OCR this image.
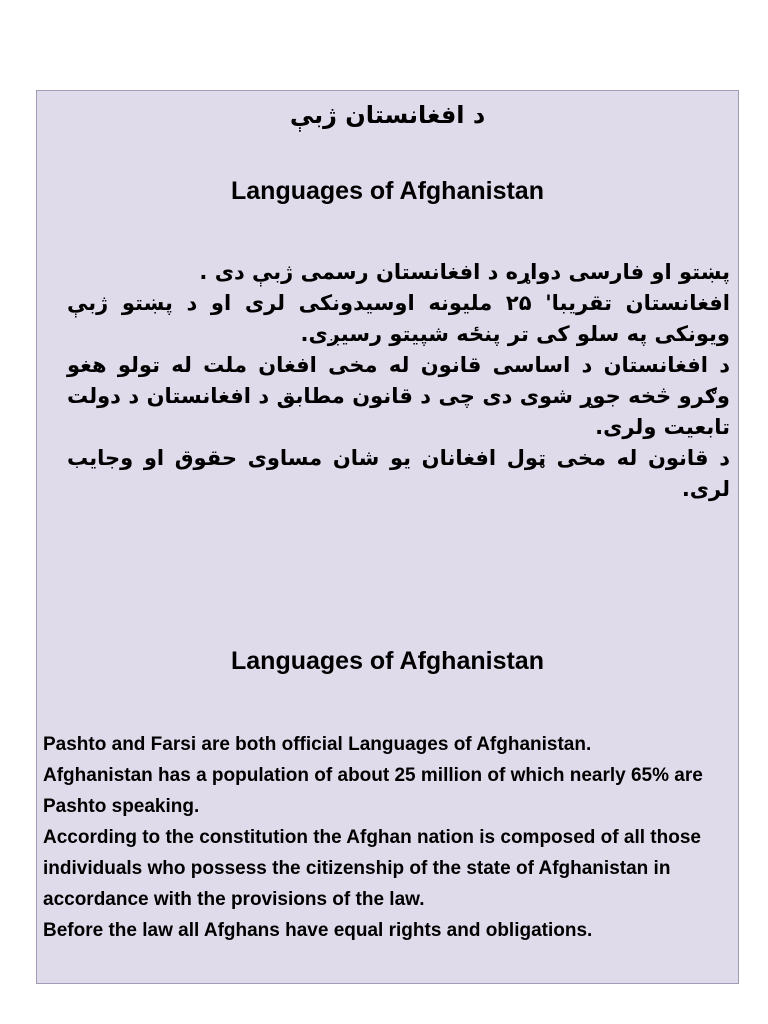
د افغانستان ژبې
Languages of Afghanistan

پښتو او فارسی دواړه د افغانستان رسمی ژبې دی .

افغانستان تقریبا' ۲۵ ملیونه اوسیدونکی لری او د پښتو ژبې ویونکی په سلو کی تر پنځه شپیتو رسیږی.

د افغانستان د اساسی قانون له مخی افغان ملت له تولو هغو وګرو څخه جوړ شوی دی چی د قانون مطابق د افغانستان د دولت تابعیت ولری.

د قانون له مخی ټول افغانان یو شان مساوی حقوق او وجایب لری.

Languages of Afghanistan

Pashto and Farsi are both official Languages of Afghanistan.

Afghanistan has a population of about 25 million of which nearly 65% are Pashto speaking.

According to the constitution the Afghan nation is composed of all those individuals who possess the citizenship of the state of Afghanistan in accordance with the provisions of the law.

Before the law all Afghans have equal rights and obligations.
